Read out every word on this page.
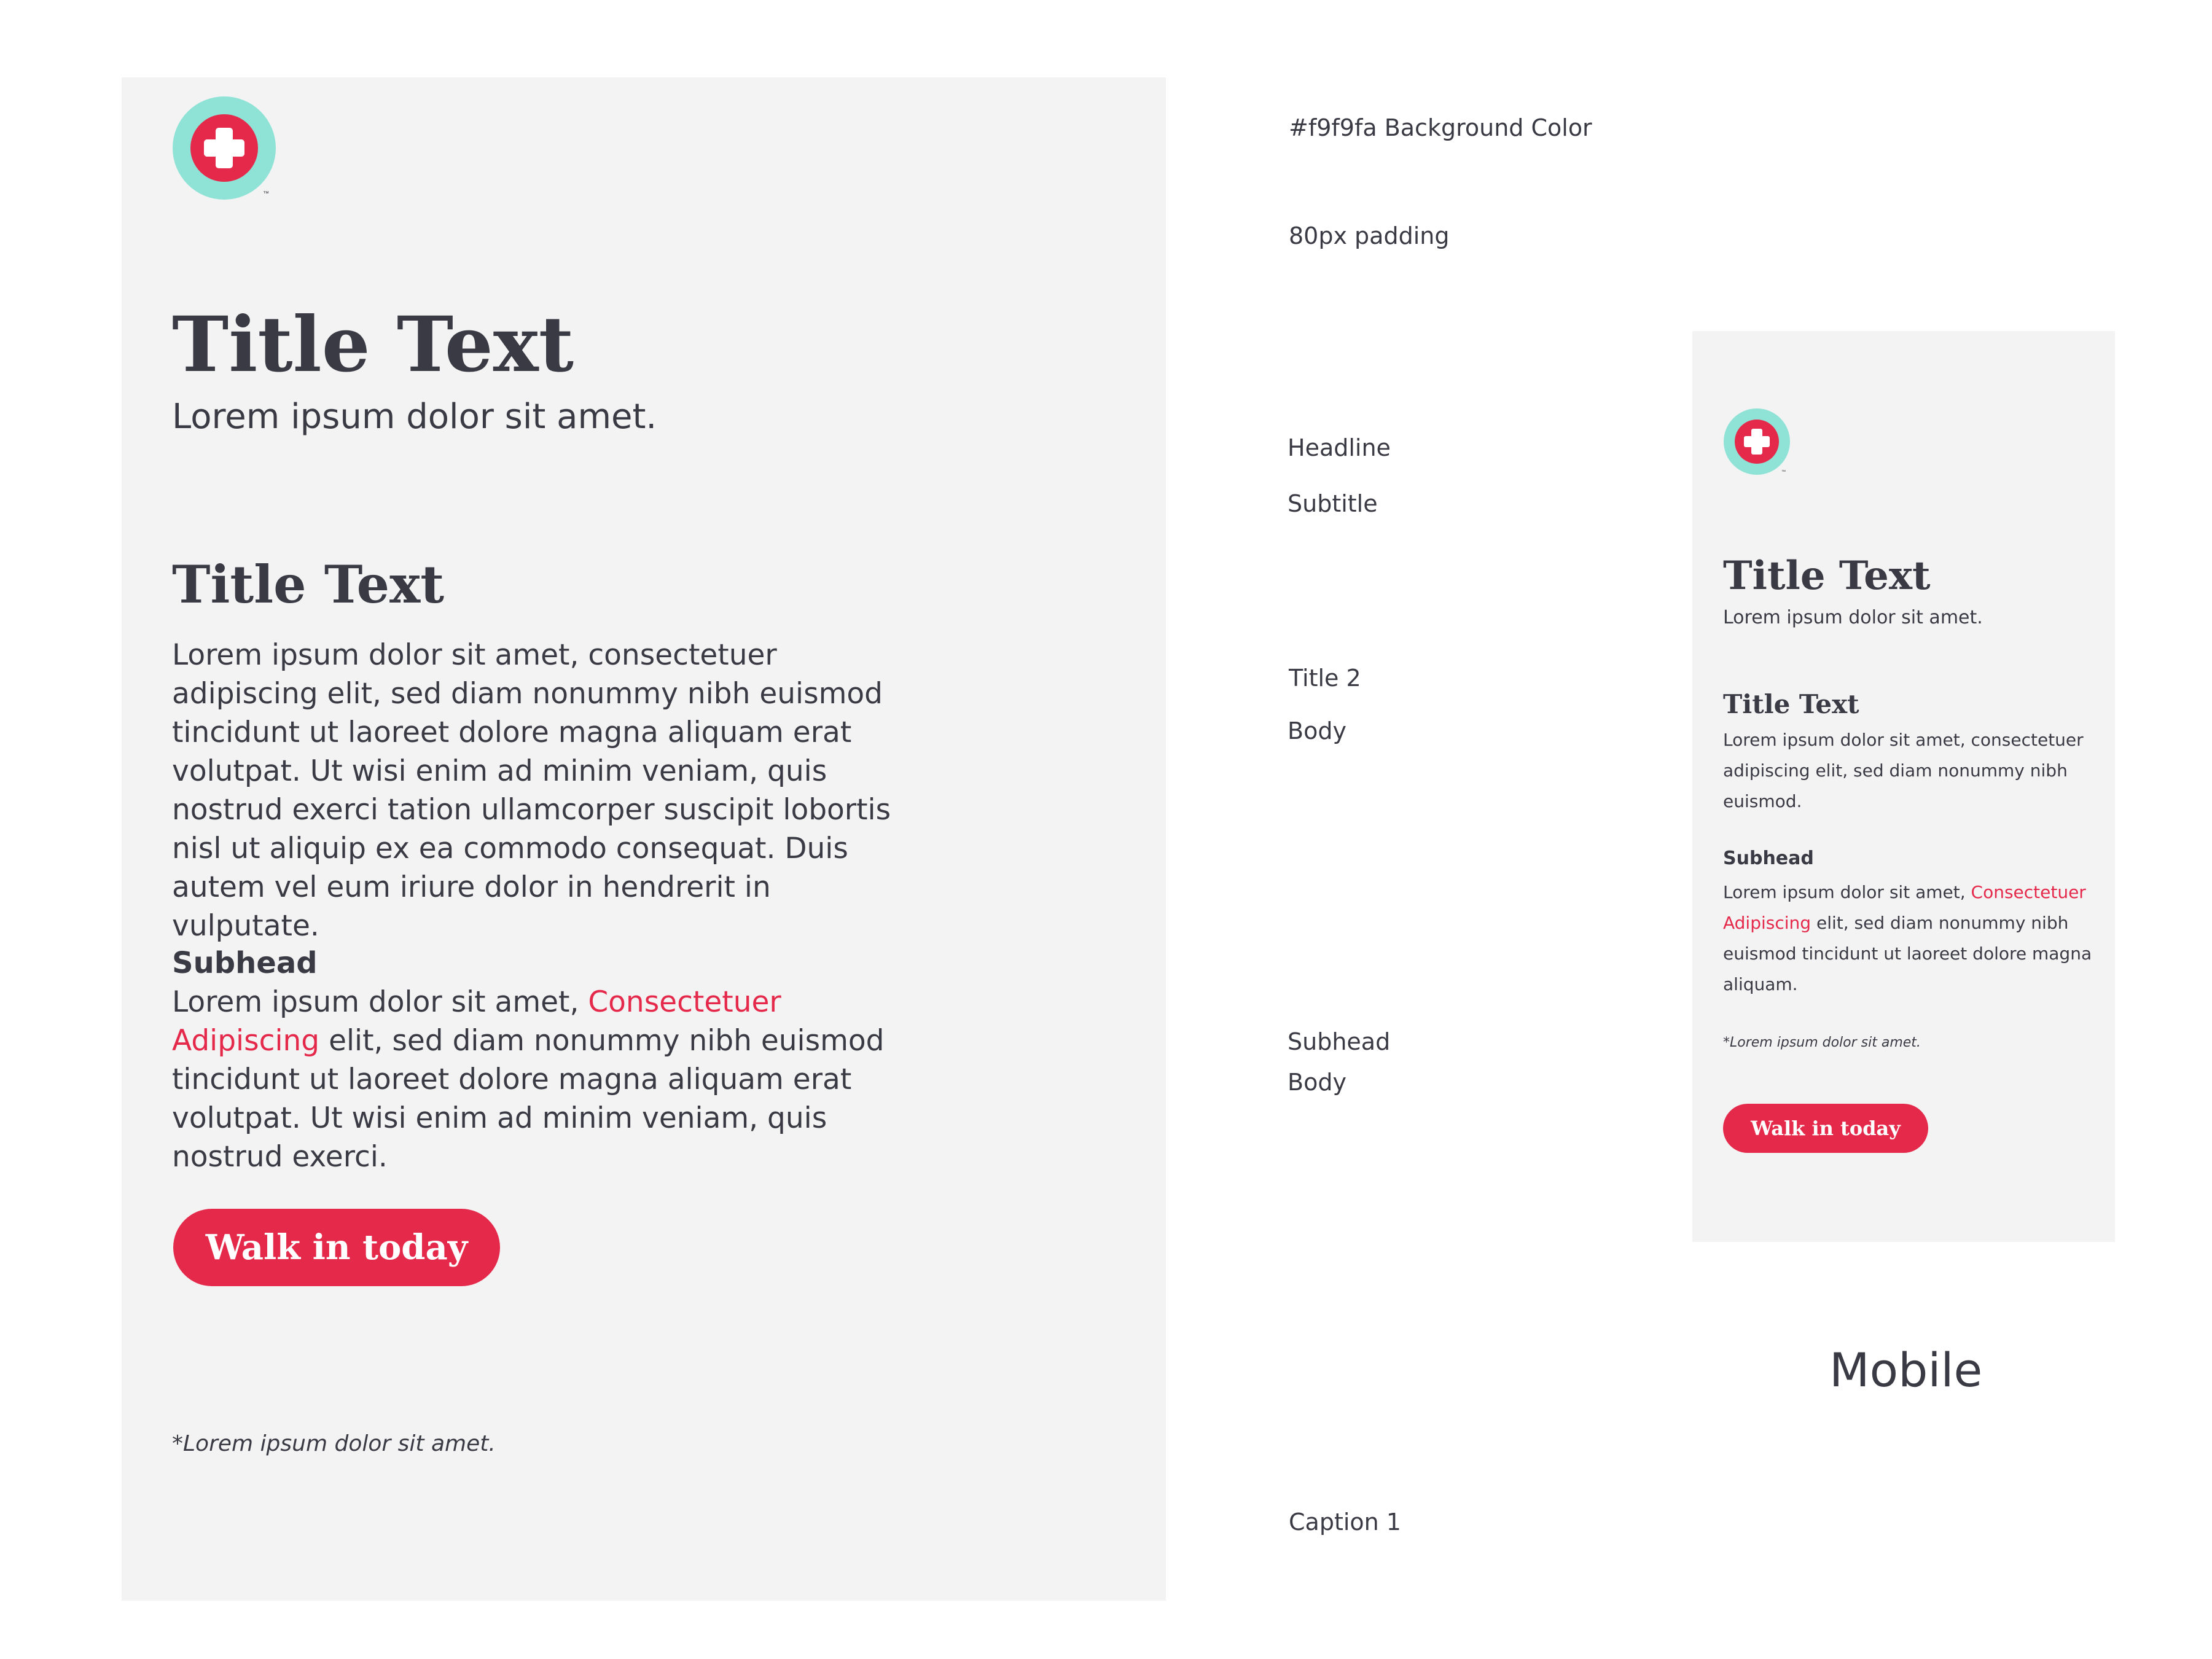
™
Title Text
Lorem ipsum dolor sit amet.
Title Text
Lorem ipsum dolor sit amet, consectetuer adipiscing elit, sed diam nonummy nibh euismod tincidunt ut laoreet dolore magna aliquam erat volutpat. Ut wisi enim ad minim veniam, quis nostrud exerci tation ullamcorper suscipit lobortis nisl ut aliquip ex ea commodo consequat. Duis autem vel eum iriure dolor in hendrerit in vulputate.
Subhead
Lorem ipsum dolor sit amet, Consectetuer Adipiscing elit, sed diam nonummy nibh euismod tincidunt ut laoreet dolore magna aliquam erat volutpat. Ut wisi enim ad minim veniam, quis nostrud exerci.
Walk in today
*Lorem ipsum dolor sit amet.
#f9f9fa Background Color
80px padding
Headline
Subtitle
Title 2
Body
Subhead
Body
Caption 1
™
Title Text
Lorem ipsum dolor sit amet.
Title Text
Lorem ipsum dolor sit amet, consectetuer adipiscing elit, sed diam nonummy nibh euismod.
Subhead
Lorem ipsum dolor sit amet, Consectetuer Adipiscing elit, sed diam nonummy nibh euismod tincidunt ut laoreet dolore magna aliquam.
*Lorem ipsum dolor sit amet.
Walk in today
Mobile
